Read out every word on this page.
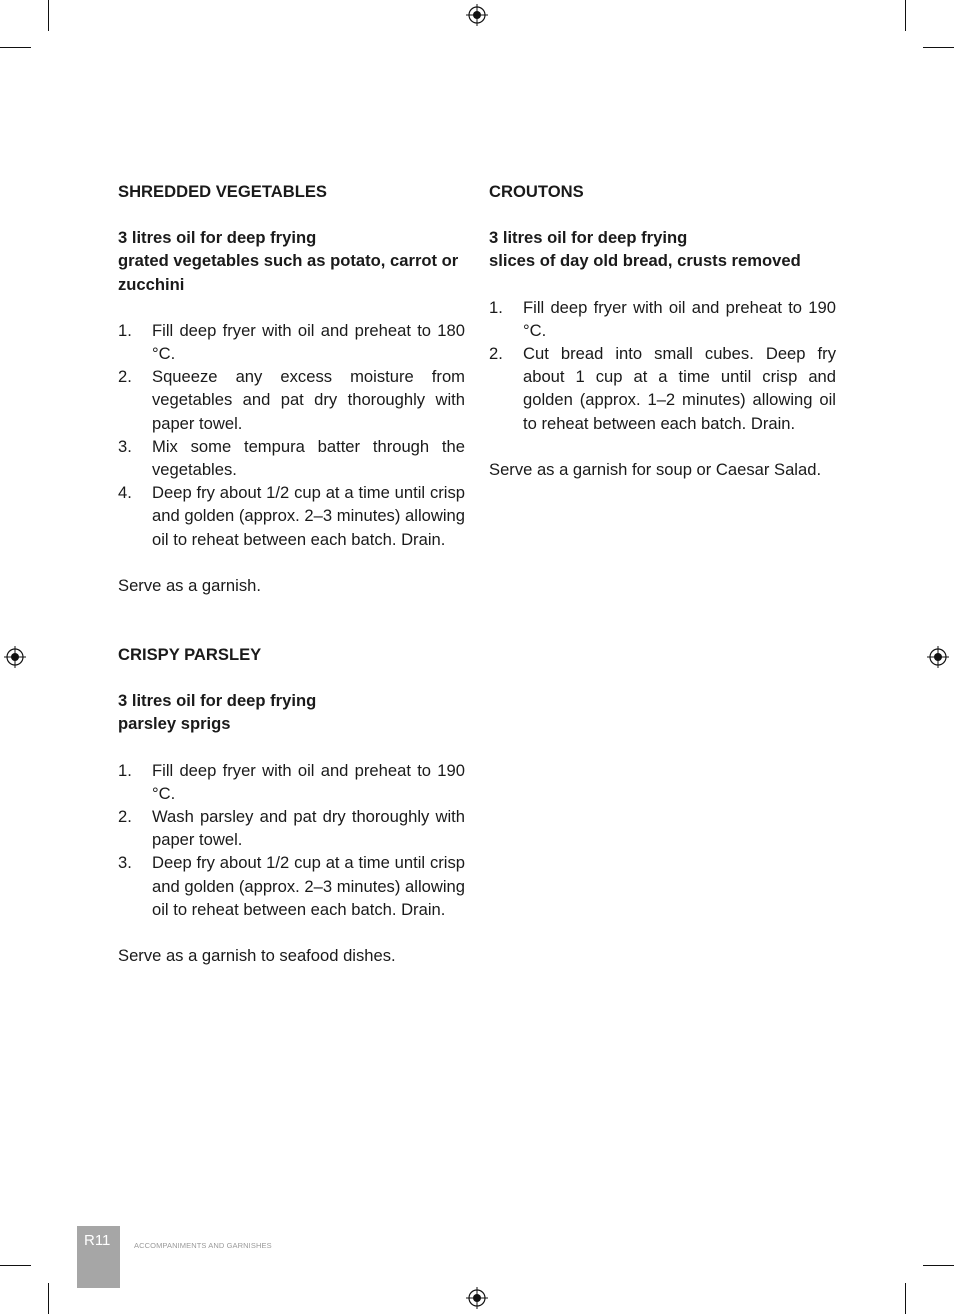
SHREDDED VEGETABLES
3 litres oil for deep frying
grated vegetables such as potato, carrot or zucchini
1. Fill deep fryer with oil and preheat to 180 °C.
2. Squeeze any excess moisture from vegetables and pat dry thoroughly with paper towel.
3. Mix some tempura batter through the vegetables.
4. Deep fry about 1/2 cup at a time until crisp and golden (approx. 2–3 minutes) allowing oil to reheat between each batch. Drain.

Serve as a garnish.

CRISPY PARSLEY
3 litres oil for deep frying
parsley sprigs
1. Fill deep fryer with oil and preheat to 190 °C.
2. Wash parsley and pat dry thoroughly with paper towel.
3. Deep fry about 1/2 cup at a time until crisp and golden (approx. 2–3 minutes) allowing oil to reheat between each batch. Drain.

Serve as a garnish to seafood dishes.

CROUTONS
3 litres oil for deep frying
slices of day old bread, crusts removed
1. Fill deep fryer with oil and preheat to 190 °C.
2. Cut bread into small cubes. Deep fry about 1 cup at a time until crisp and golden (approx. 1–2 minutes) allowing oil to reheat between each batch. Drain.

Serve as a garnish for soup or Caesar Salad.

R11	ACCOMPANIMENTS AND GARNISHES
